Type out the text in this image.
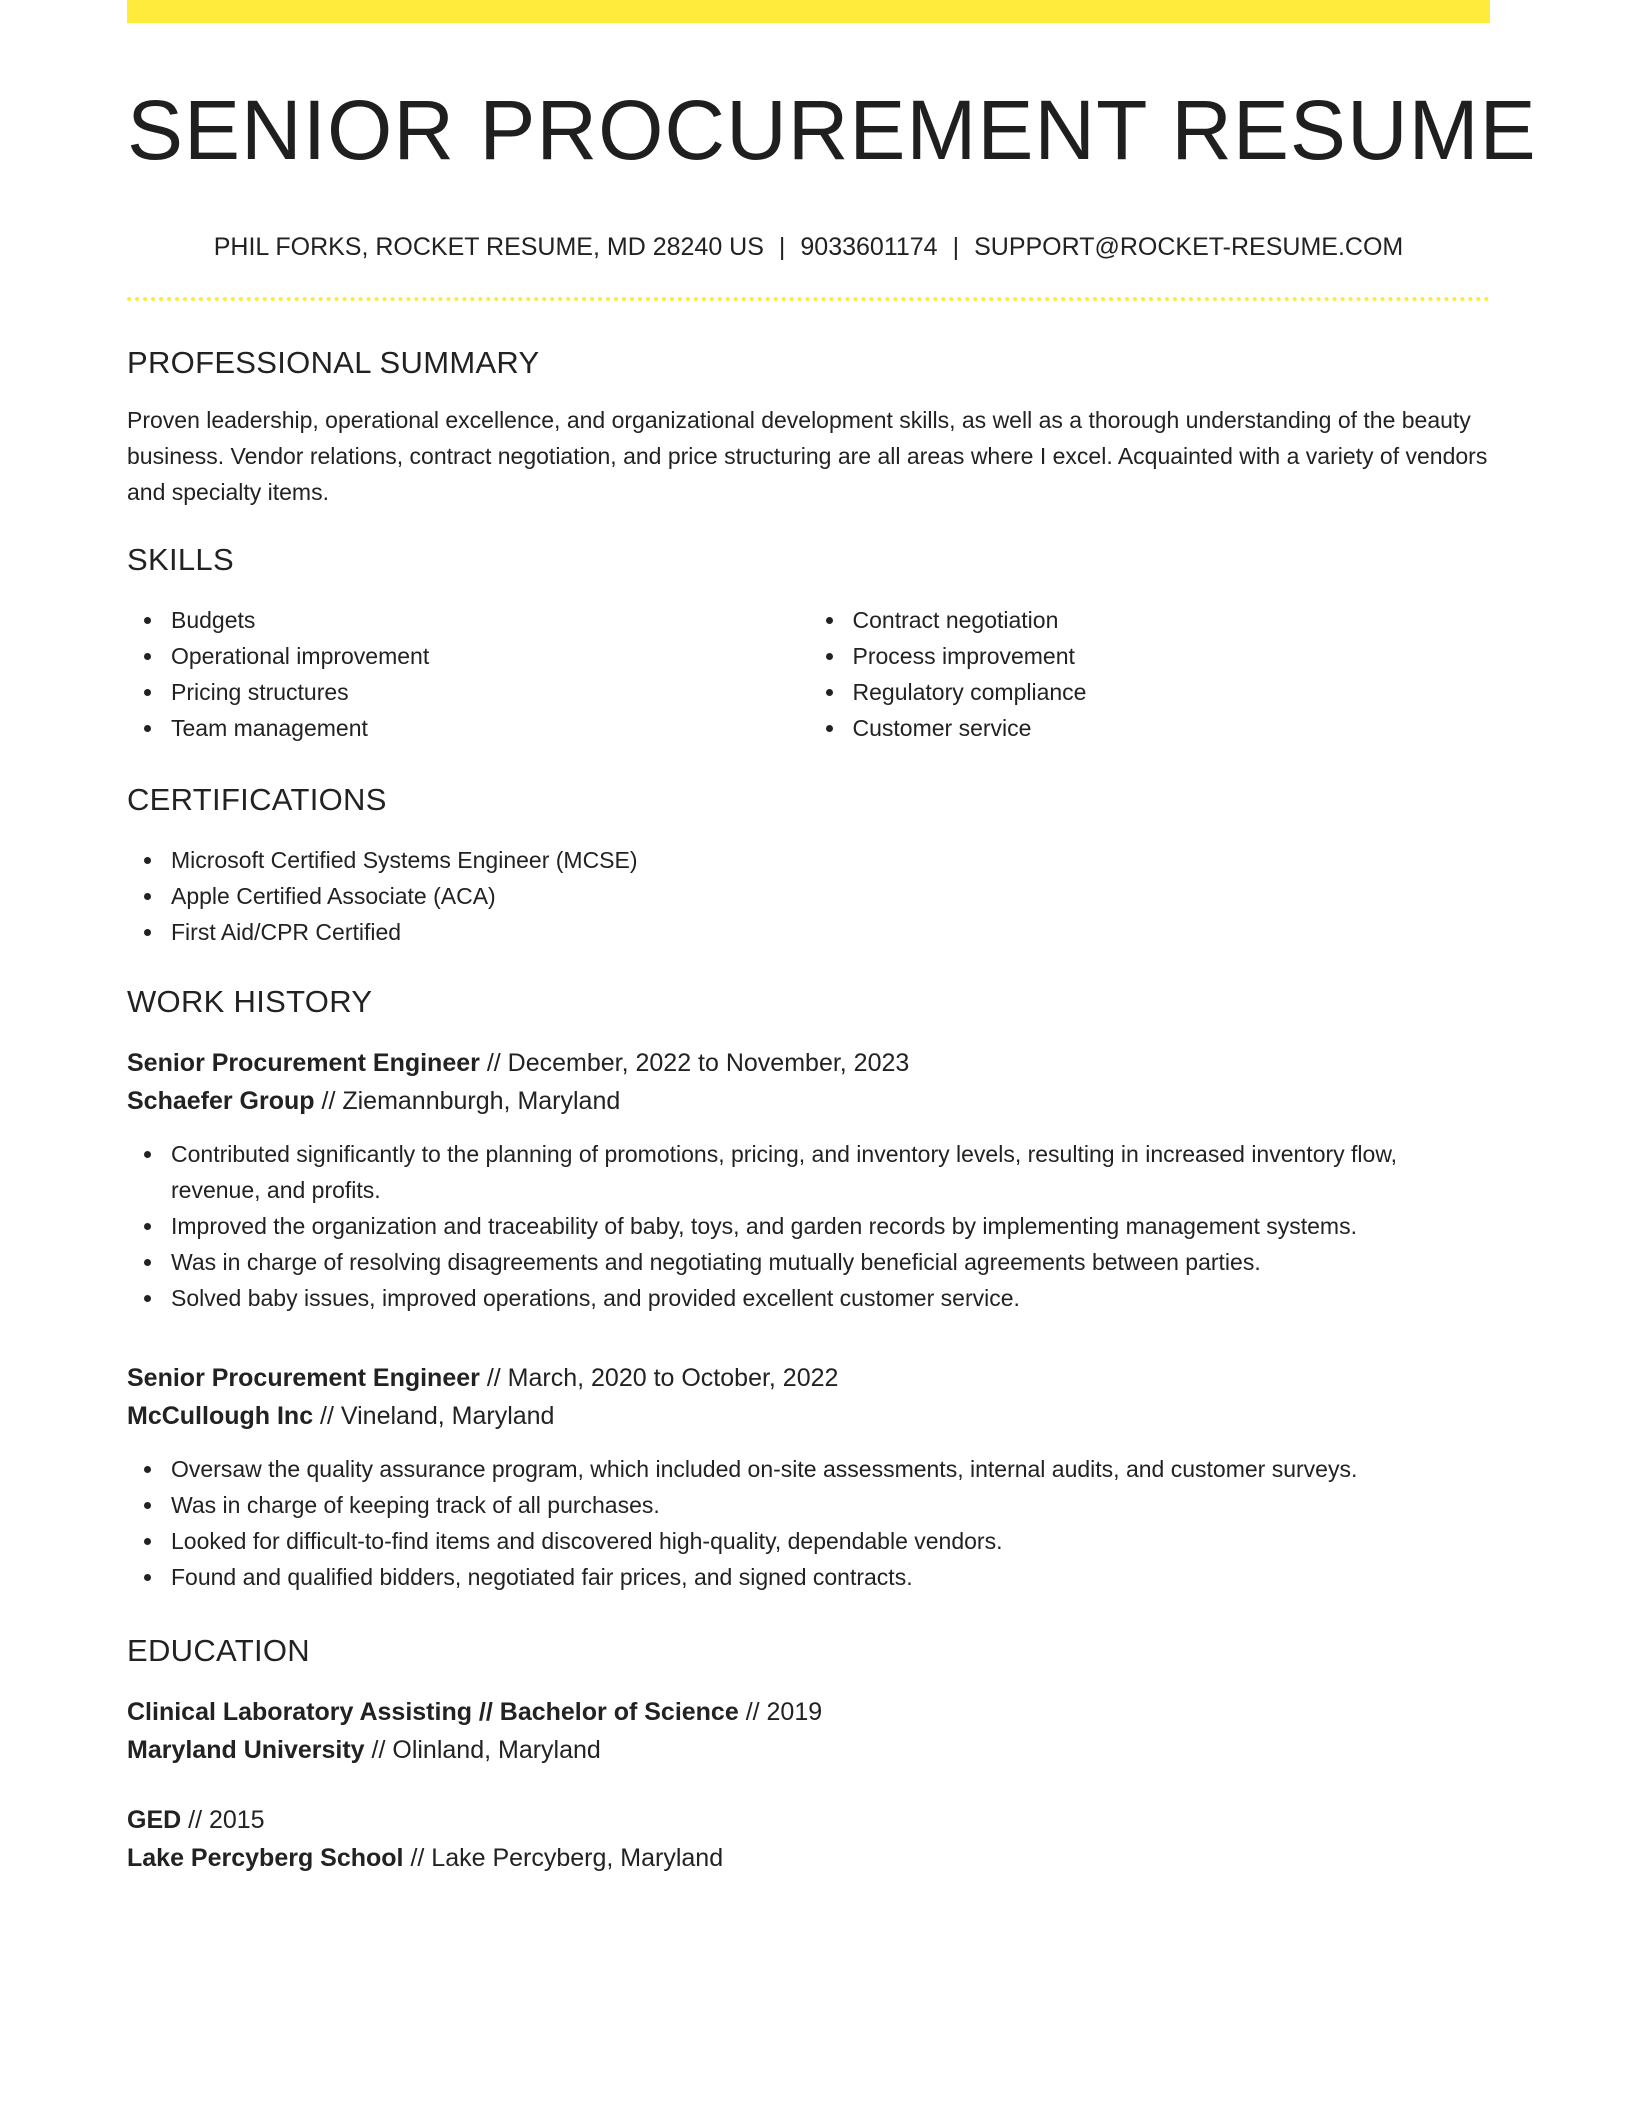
SENIOR PROCUREMENT RESUME
PHIL FORKS, ROCKET RESUME, MD 28240 US | 9033601174 | SUPPORT@ROCKET-RESUME.COM
PROFESSIONAL SUMMARY

Proven leadership, operational excellence, and organizational development skills, as well as a thorough understanding of the beauty business. Vendor relations, contract negotiation, and price structuring are all areas where I excel. Acquainted with a variety of vendors and specialty items.

SKILLS
Budgets
Operational improvement
Pricing structures
Team management
Contract negotiation
Process improvement
Regulatory compliance
Customer service
CERTIFICATIONS
Microsoft Certified Systems Engineer (MCSE)
Apple Certified Associate (ACA)
First Aid/CPR Certified
WORK HISTORY
Senior Procurement Engineer // December, 2022 to November, 2023
Schaefer Group // Ziemannburgh, Maryland
Contributed significantly to the planning of promotions, pricing, and inventory levels, resulting in increased inventory flow, revenue, and profits.
Improved the organization and traceability of baby, toys, and garden records by implementing management systems.
Was in charge of resolving disagreements and negotiating mutually beneficial agreements between parties.
Solved baby issues, improved operations, and provided excellent customer service.
Senior Procurement Engineer // March, 2020 to October, 2022
McCullough Inc // Vineland, Maryland
Oversaw the quality assurance program, which included on-site assessments, internal audits, and customer surveys.
Was in charge of keeping track of all purchases.
Looked for difficult-to-find items and discovered high-quality, dependable vendors.
Found and qualified bidders, negotiated fair prices, and signed contracts.
EDUCATION
Clinical Laboratory Assisting // Bachelor of Science // 2019
Maryland University // Olinland, Maryland
GED // 2015
Lake Percyberg School // Lake Percyberg, Maryland
